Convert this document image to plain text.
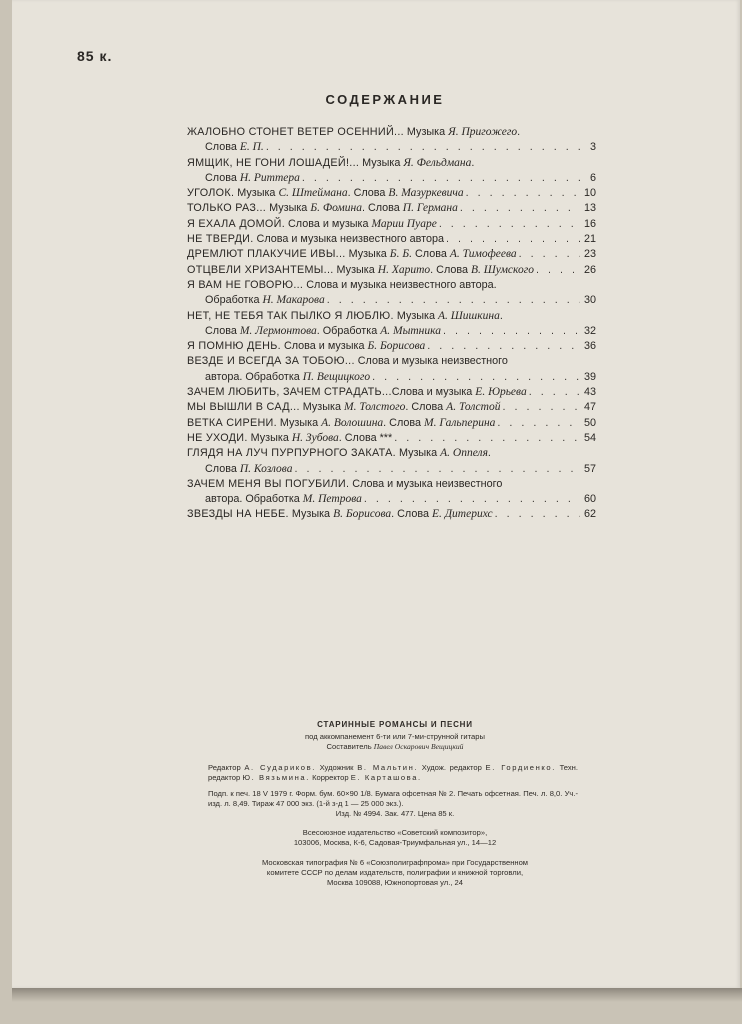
85 к.
СОДЕРЖАНИЕ
ЖАЛОБНО СТОНЕТ ВЕТЕР ОСЕННИЙ... Музыка Я. Пригожего.
Слова Е. П. . . .	3
ЯМЩИК, НЕ ГОНИ ЛОШАДЕЙ!... Музыка Я. Фельдмана.
Слова Н. Риттера . . .	6
УГОЛОК. Музыка С. Штеймана. Слова В. Мазуркевича . . .	10
ТОЛЬКО РАЗ... Музыка Б. Фомина. Слова П. Германа . . .	13
Я ЕХАЛА ДОМОЙ. Слова и музыка Марии Пуаре . . .	16
НЕ ТВЕРДИ. Слова и музыка неизвестного автора . . .	21
ДРЕМЛЮТ ПЛАКУЧИЕ ИВЫ... Музыка Б. Б. Слова А. Тимофеева . . .	23
ОТЦВЕЛИ ХРИЗАНТЕМЫ... Музыка Н. Харито. Слова В. Шумского . . .	26
Я ВАМ НЕ ГОВОРЮ... Слова и музыка неизвестного автора.
Обработка Н. Макарова . . .	30
НЕТ, НЕ ТЕБЯ ТАК ПЫЛКО Я ЛЮБЛЮ. Музыка А. Шишкина.
Слова М. Лермонтова. Обработка А. Мытника . . .	32
Я ПОМНЮ ДЕНЬ. Слова и музыка Б. Борисова . . .	36
ВЕЗДЕ И ВСЕГДА ЗА ТОБОЮ... Слова и музыка неизвестного
автора. Обработка П. Вещицкого . . .	39
ЗАЧЕМ ЛЮБИТЬ, ЗАЧЕМ СТРАДАТЬ...Слова и музыка Е. Юрьева . . .	43
МЫ ВЫШЛИ В САД... Музыка М. Толстого. Слова А. Толстой . . .	47
ВЕТКА СИРЕНИ. Музыка А. Волошина. Слова М. Гальперина . . .	50
НЕ УХОДИ. Музыка Н. Зубова. Слова *** . . .	54
ГЛЯДЯ НА ЛУЧ ПУРПУРНОГО ЗАКАТА. Музыка А. Оппеля.
Слова П. Козлова . . .	57
ЗАЧЕМ МЕНЯ ВЫ ПОГУБИЛИ. Слова и музыка неизвестного
автора. Обработка М. Петрова . . .	60
ЗВЕЗДЫ НА НЕБЕ. Музыка В. Борисова. Слова Е. Дитерихс . . .	62

СТАРИННЫЕ РОМАНСЫ И ПЕСНИ

под аккомпанемент 6-ти или 7-ми-струнной гитары

Составитель Павел Оскарович Вещицкий

Редактор А. Судариков. Художник В. Мальтин. Худож. редактор Е. Гордиенко. Техн. редактор Ю. Вязьмина. Корректор Е. Карташова.

Подп. к печ. 18 V 1979 г. Форм. бум. 60×90 1/8. Бумага офсетная № 2. Печать офсетная. Печ. л. 8,0. Уч.-изд. л. 8,49. Тираж 47 000 экз. (1-й з-д 1 — 25 000 экз.).

Изд. № 4994. Зак. 477. Цена 85 к.

Всесоюзное издательство «Советский композитор»,

103006, Москва, К-6, Садовая-Триумфальная ул., 14—12

Московская типография № 6 «Союзполиграфпрома» при Государственном

комитете СССР по делам издательств, полиграфии и книжной торговли,

Москва 109088, Южнопортовая ул., 24
